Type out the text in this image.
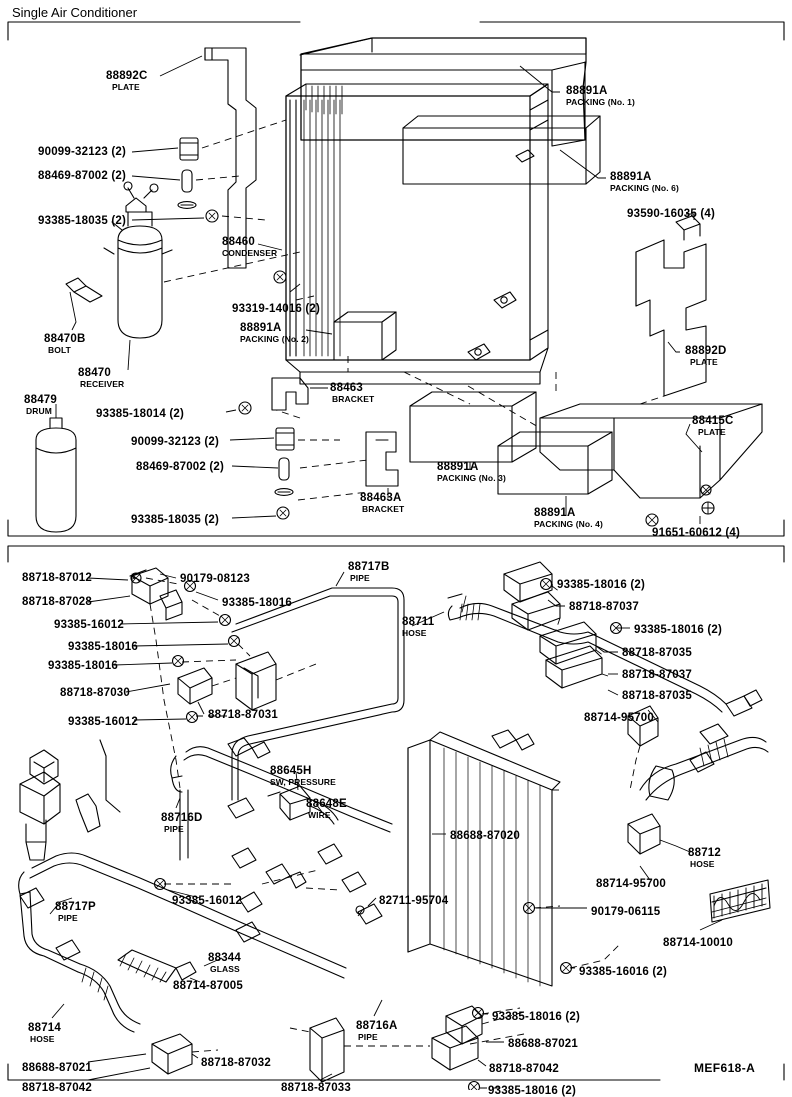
Single Air Conditioner
MEF618-A
88892C
PLATE	88891A
PACKING (No. 1)
90099-32123 (2)
88469-87002 (2)	88891A
PACKING (No. 6)
93385-18035 (2)
93590-16035 (4)
88460
CONDENSER
93319-14016 (2)
88891A
PACKING (No. 2)
88892D
PLATE
88470B
BOLT
88470
RECEIVER	88463
BRACKET
88479
DRUM
88415C
PLATE
93385-18014 (2)
90099-32123 (2)
88469-87002 (2)	88891A
PACKING (No. 3)
88463A
BRACKET
93385-18035 (2)
88891A
PACKING (No. 4)
91651-60612 (4)
90179-08123
88717B
PIPE
93385-18016 (2)
88718-87012
93385-18016	88718-87037
88718-87028
93385-18016 (2)
93385-16012	88711
HOSE
88718-87035
93385-18016
88718-87037
93385-18016
88718-87035
88718-87030
88714-95700
93385-16012
88718-87031
88645H
SW, PRESSURE
88648E
WIRE
88716D
PIPE
88688-87020
88712
HOSE
88714-95700
90179-06115
88717P
PIPE
93385-16012	82711-95704
88714-10010
88344
GLASS	93385-16016 (2)
88714-87005
88716A
PIPE
93385-18016 (2)
88714
HOSE	88688-87021
88688-87021	88718-87032	88718-87042
88718-87042	88718-87033	93385-18016 (2)
